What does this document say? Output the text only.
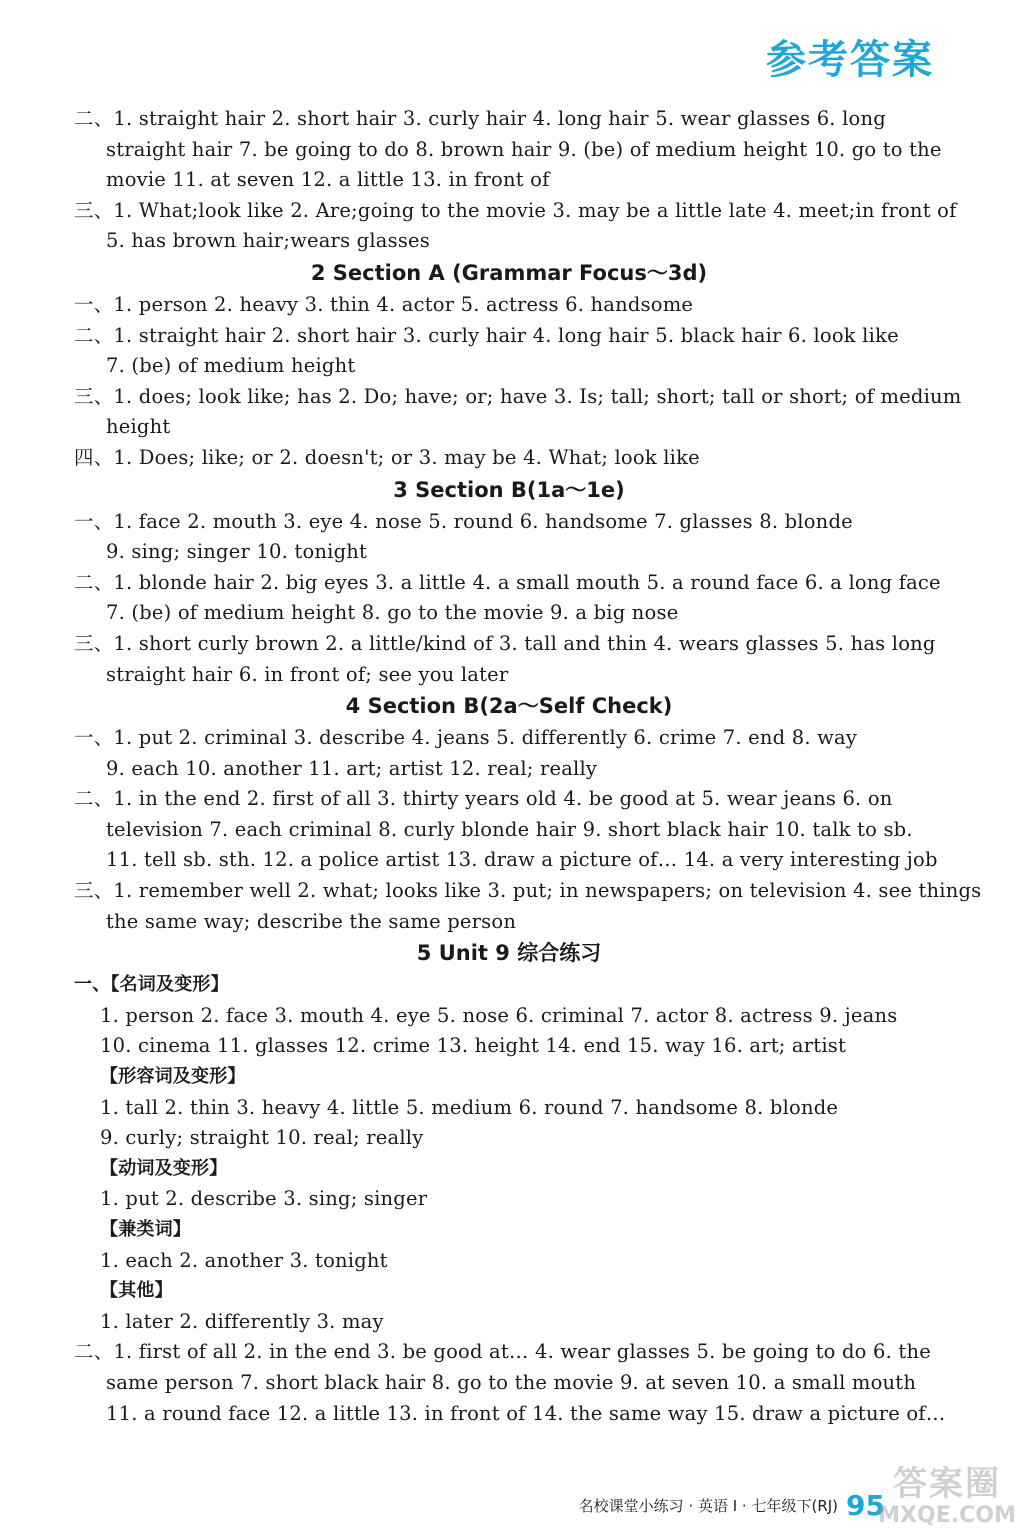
参考答案
二、1. straight hair 2. short hair 3. curly hair 4. long hair 5. wear glasses 6. long
straight hair 7. be going to do 8. brown hair 9. (be) of medium height 10. go to the
movie 11. at seven 12. a little 13. in front of
三、1. What;look like 2. Are;going to the movie 3. may be a little late 4. meet;in front of
5. has brown hair;wears glasses
2 Section A (Grammar Focus～3d)
一、1. person 2. heavy 3. thin 4. actor 5. actress 6. handsome
二、1. straight hair 2. short hair 3. curly hair 4. long hair 5. black hair 6. look like
7. (be) of medium height
三、1. does; look like; has 2. Do; have; or; have 3. Is; tall; short; tall or short; of medium
height
四、1. Does; like; or 2. doesn't; or 3. may be 4. What; look like
3 Section B(1a～1e)
一、1. face 2. mouth 3. eye 4. nose 5. round 6. handsome 7. glasses 8. blonde
9. sing; singer 10. tonight
二、1. blonde hair 2. big eyes 3. a little 4. a small mouth 5. a round face 6. a long face
7. (be) of medium height 8. go to the movie 9. a big nose
三、1. short curly brown 2. a little/kind of 3. tall and thin 4. wears glasses 5. has long
straight hair 6. in front of; see you later
4 Section B(2a～Self Check)
一、1. put 2. criminal 3. describe 4. jeans 5. differently 6. crime 7. end 8. way
9. each 10. another 11. art; artist 12. real; really
二、1. in the end 2. first of all 3. thirty years old 4. be good at 5. wear jeans 6. on
television 7. each criminal 8. curly blonde hair 9. short black hair 10. talk to sb.
11. tell sb. sth. 12. a police artist 13. draw a picture of… 14. a very interesting job
三、1. remember well 2. what; looks like 3. put; in newspapers; on television 4. see things
the same way; describe the same person
5 Unit 9 综合练习
一、【名词及变形】
1. person 2. face 3. mouth 4. eye 5. nose 6. criminal 7. actor 8. actress 9. jeans
10. cinema 11. glasses 12. crime 13. height 14. end 15. way 16. art; artist
【形容词及变形】
1. tall 2. thin 3. heavy 4. little 5. medium 6. round 7. handsome 8. blonde
9. curly; straight 10. real; really
【动词及变形】
1. put 2. describe 3. sing; singer
【兼类词】
1. each 2. another 3. tonight
【其他】
1. later 2. differently 3. may
二、1. first of all 2. in the end 3. be good at… 4. wear glasses 5. be going to do 6. the
same person 7. short black hair 8. go to the movie 9. at seven 10. a small mouth
11. a round face 12. a little 13. in front of 14. the same way 15. draw a picture of…
名校课堂小练习 · 英语 Ⅰ · 七年级下(RJ) 95
答案圈
MXQE.COM
